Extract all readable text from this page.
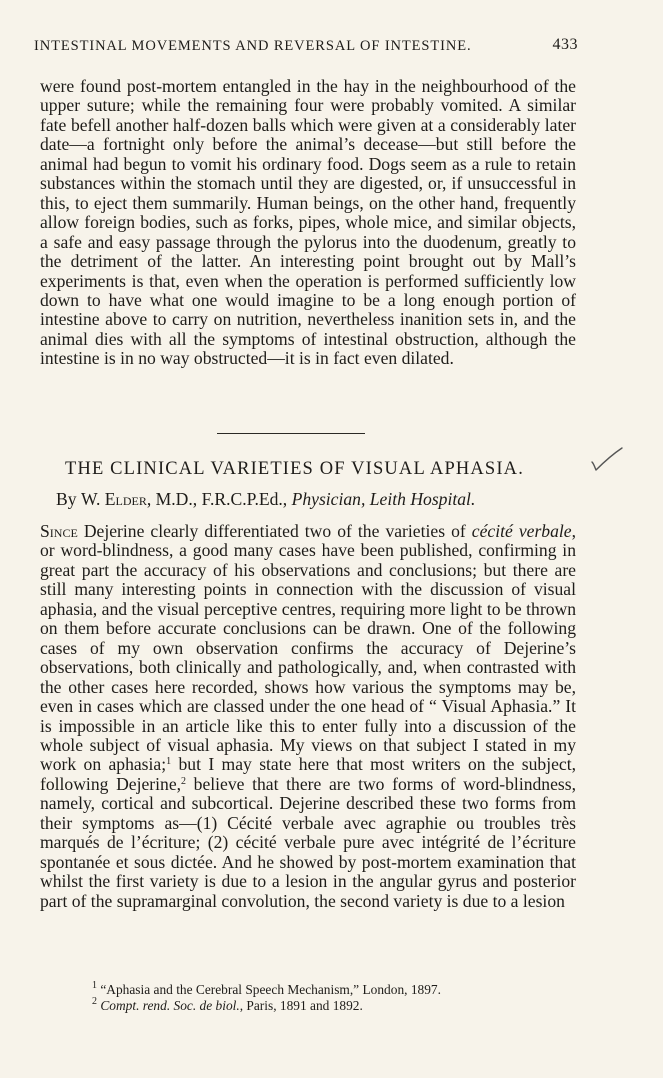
INTESTINAL MOVEMENTS AND REVERSAL OF INTESTINE.	433
were found post-mortem entangled in the hay in the neighbourhood of the upper suture; while the remaining four were probably vomited. A similar fate befell another half-dozen balls which were given at a considerably later date—a fortnight only before the animal’s decease—but still before the animal had begun to vomit his ordinary food. Dogs seem as a rule to retain substances within the stomach until they are digested, or, if unsuccessful in this, to eject them summarily. Human beings, on the other hand, frequently allow foreign bodies, such as forks, pipes, whole mice, and similar objects, a safe and easy passage through the pylorus into the duodenum, greatly to the detriment of the latter. An interesting point brought out by Mall’s experiments is that, even when the operation is performed sufficiently low down to have what one would imagine to be a long enough portion of intestine above to carry on nutrition, nevertheless inanition sets in, and the animal dies with all the symptoms of intestinal obstruction, although the intestine is in no way obstructed—it is in fact even dilated.
THE CLINICAL VARIETIES OF VISUAL APHASIA.
By W. Elder, M.D., F.R.C.P.Ed., Physician, Leith Hospital.
Since Dejerine clearly differentiated two of the varieties of cécité verbale, or word-blindness, a good many cases have been published, confirming in great part the accuracy of his observations and conclusions; but there are still many interesting points in connection with the discussion of visual aphasia, and the visual perceptive centres, requiring more light to be thrown on them before accurate conclusions can be drawn. One of the following cases of my own observation confirms the accuracy of Dejerine’s observations, both clinically and pathologically, and, when contrasted with the other cases here recorded, shows how various the symptoms may be, even in cases which are classed under the one head of “ Visual Aphasia.” It is impossible in an article like this to enter fully into a discussion of the whole subject of visual aphasia. My views on that subject I stated in my work on aphasia;$^1$ but I may state here that most writers on the subject, following Dejerine,$^2$ believe that there are two forms of word-blindness, namely, cortical and subcortical. Dejerine described these two forms from their symptoms as—(1) Cécité verbale avec agraphie ou troubles très marqués de l’écriture; (2) cécité verbale pure avec intégrité de l’écriture spontanée et sous dictée. And he showed by post-mortem examination that whilst the first variety is due to a lesion in the angular gyrus and posterior part of the supramarginal convolution, the second variety is due to a lesion
$^1$ “Aphasia and the Cerebral Speech Mechanism,” London, 1897.
$^2$ Compt. rend. Soc. de biol., Paris, 1891 and 1892.
